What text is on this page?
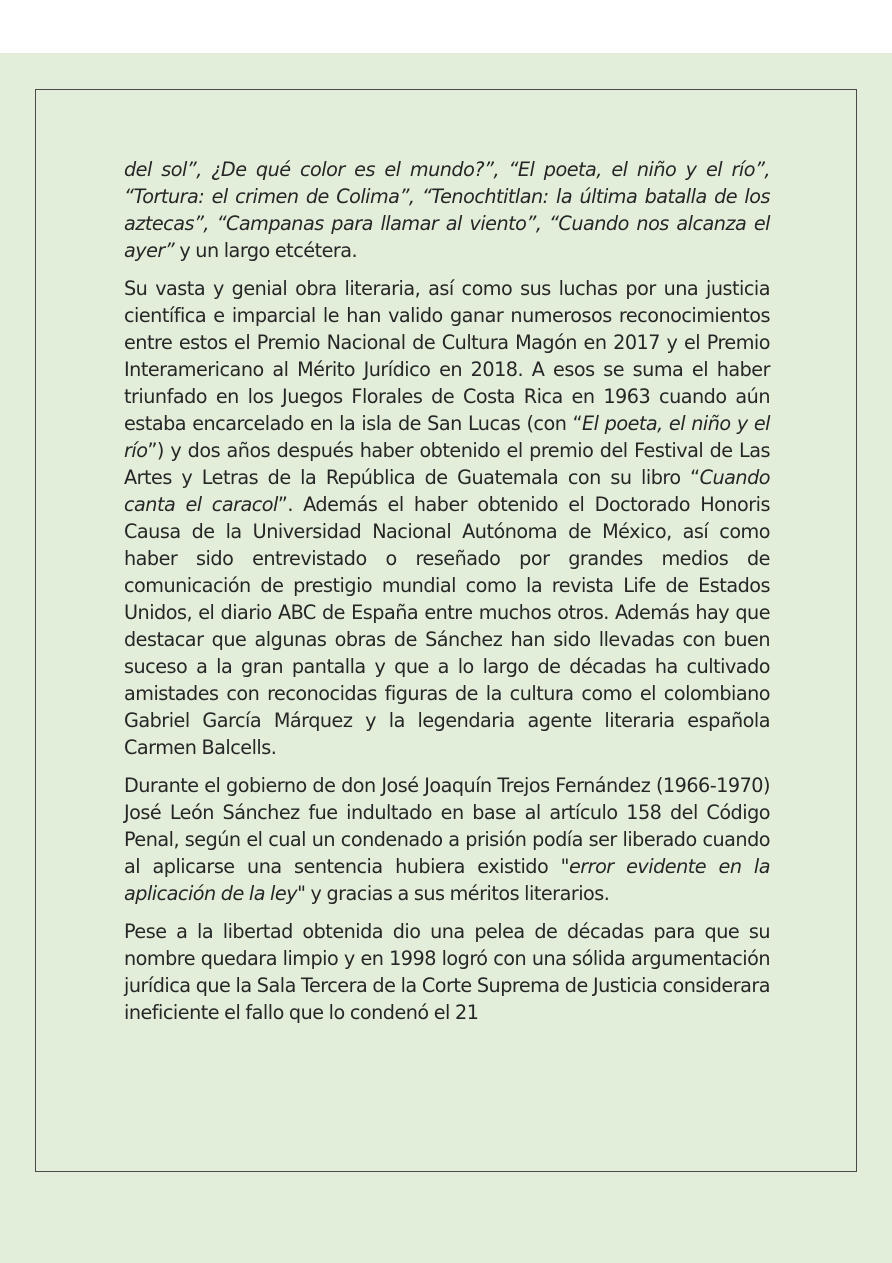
del sol”, ¿De qué color es el mundo?”, “El poeta, el niño y el río”, “Tortura: el crimen de Colima”, “Tenochtitlan: la última batalla de los aztecas”, “Campanas para llamar al viento”, “Cuando nos alcanza el ayer” y un largo etcétera.

Su vasta y genial obra literaria, así como sus luchas por una justicia científica e imparcial le han valido ganar numerosos reconocimientos entre estos el Premio Nacional de Cultura Magón en 2017 y el Premio Interamericano al Mérito Jurídico en 2018. A esos se suma el haber triunfado en los Juegos Florales de Costa Rica en 1963 cuando aún estaba encarcelado en la isla de San Lucas (con “El poeta, el niño y el río”) y dos años después haber obtenido el premio del Festival de Las Artes y Letras de la República de Guatemala con su libro “Cuando canta el caracol”. Además el haber obtenido el Doctorado Honoris Causa de la Universidad Nacional Autónoma de México, así como haber sido entrevistado o reseñado por grandes medios de comunicación de prestigio mundial como la revista Life de Estados Unidos, el diario ABC de España entre muchos otros. Además hay que destacar que algunas obras de Sánchez han sido llevadas con buen suceso a la gran pantalla y que a lo largo de décadas ha cultivado amistades con reconocidas figuras de la cultura como el colombiano Gabriel García Márquez y la legendaria agente literaria española Carmen Balcells.

Durante el gobierno de don José Joaquín Trejos Fernández (1966-1970) José León Sánchez fue indultado en base al artículo 158 del Código Penal, según el cual un condenado a prisión podía ser liberado cuando al aplicarse una sentencia hubiera existido "error evidente en la aplicación de la ley" y gracias a sus méritos literarios.

Pese a la libertad obtenida dio una pelea de décadas para que su nombre quedara limpio y en 1998 logró con una sólida argumentación jurídica que la Sala Tercera de la Corte Suprema de Justicia considerara ineficiente el fallo que lo condenó el 21
